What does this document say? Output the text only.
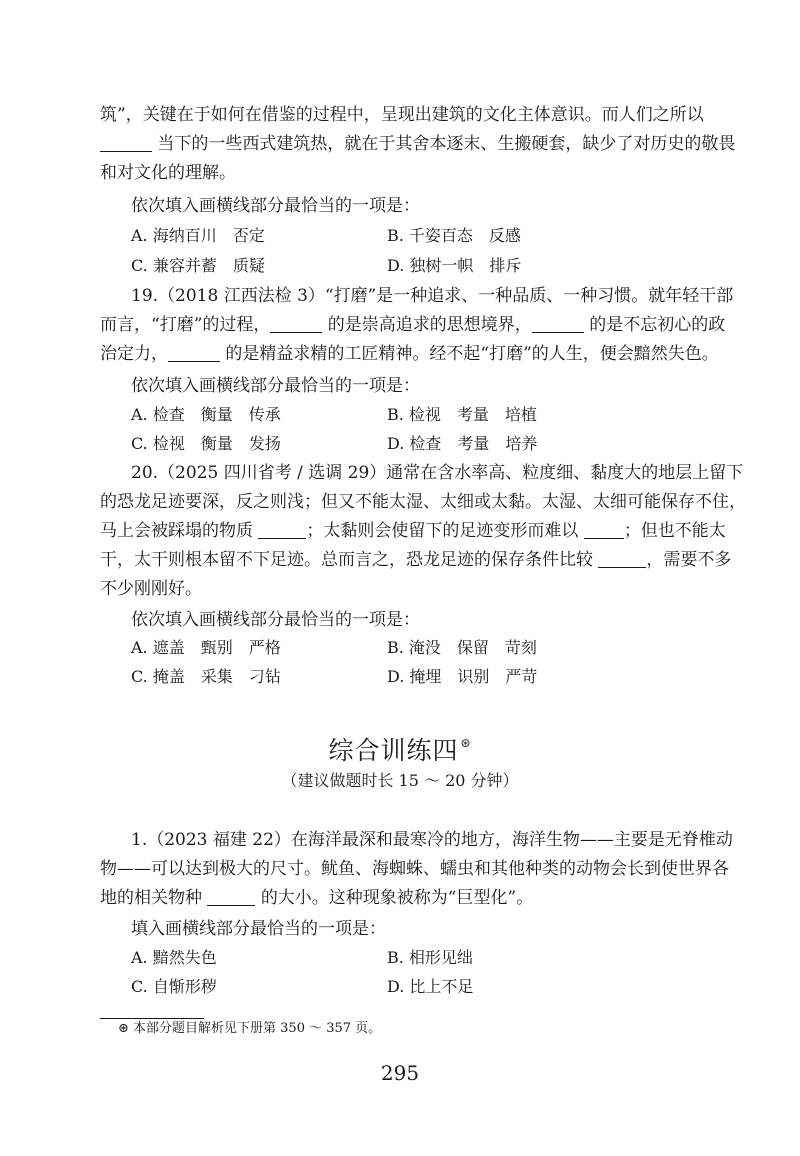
筑”，关键在于如何在借鉴的过程中，呈现出建筑的文化主体意识。而人们之所以
当下的一些西式建筑热，就在于其舍本逐末、生搬硬套，缺少了对历史的敬畏
和对文化的理解。
依次填入画横线部分最恰当的一项是：
A. 海纳百川　否定	B. 千姿百态　反感
C. 兼容并蓄　质疑	D. 独树一帜　排斥
19.（2018 江西法检 3）“打磨”是一种追求、一种品质、一种习惯。就年轻干部
而言，“打磨”的过程，	的是崇高追求的思想境界，	的是不忘初心的政
治定力，	的是精益求精的工匠精神。经不起“打磨”的人生，便会黯然失色。
依次填入画横线部分最恰当的一项是：
A. 检查　衡量　传承	B. 检视　考量　培植
C. 检视　衡量　发扬	D. 检查　考量　培养
20.（2025 四川省考 / 选调 29）通常在含水率高、粒度细、黏度大的地层上留下
的恐龙足迹要深，反之则浅；但又不能太湿、太细或太黏。太湿、太细可能保存不住，
马上会被踩塌的物质	；太黏则会使留下的足迹变形而难以	；但也不能太
干，太干则根本留不下足迹。总而言之，恐龙足迹的保存条件比较	，需要不多
不少刚刚好。
依次填入画横线部分最恰当的一项是：
A. 遮盖　甄别　严格	B. 淹没　保留　苛刻
C. 掩盖　采集　刁钻	D. 掩埋　识别　严苛
综合训练四 ⊛
（建议做题时长 15 ～ 20 分钟）
1.（2023 福建 22）在海洋最深和最寒冷的地方，海洋生物——主要是无脊椎动
物——可以达到极大的尺寸。鱿鱼、海蜘蛛、蠕虫和其他种类的动物会长到使世界各
地的相关物种	的大小。这种现象被称为“巨型化”。
填入画横线部分最恰当的一项是：
A. 黯然失色	B. 相形见绌
C. 自惭形秽	D. 比上不足
⊛ 本部分题目解析见下册第 350 ～ 357 页。
295
